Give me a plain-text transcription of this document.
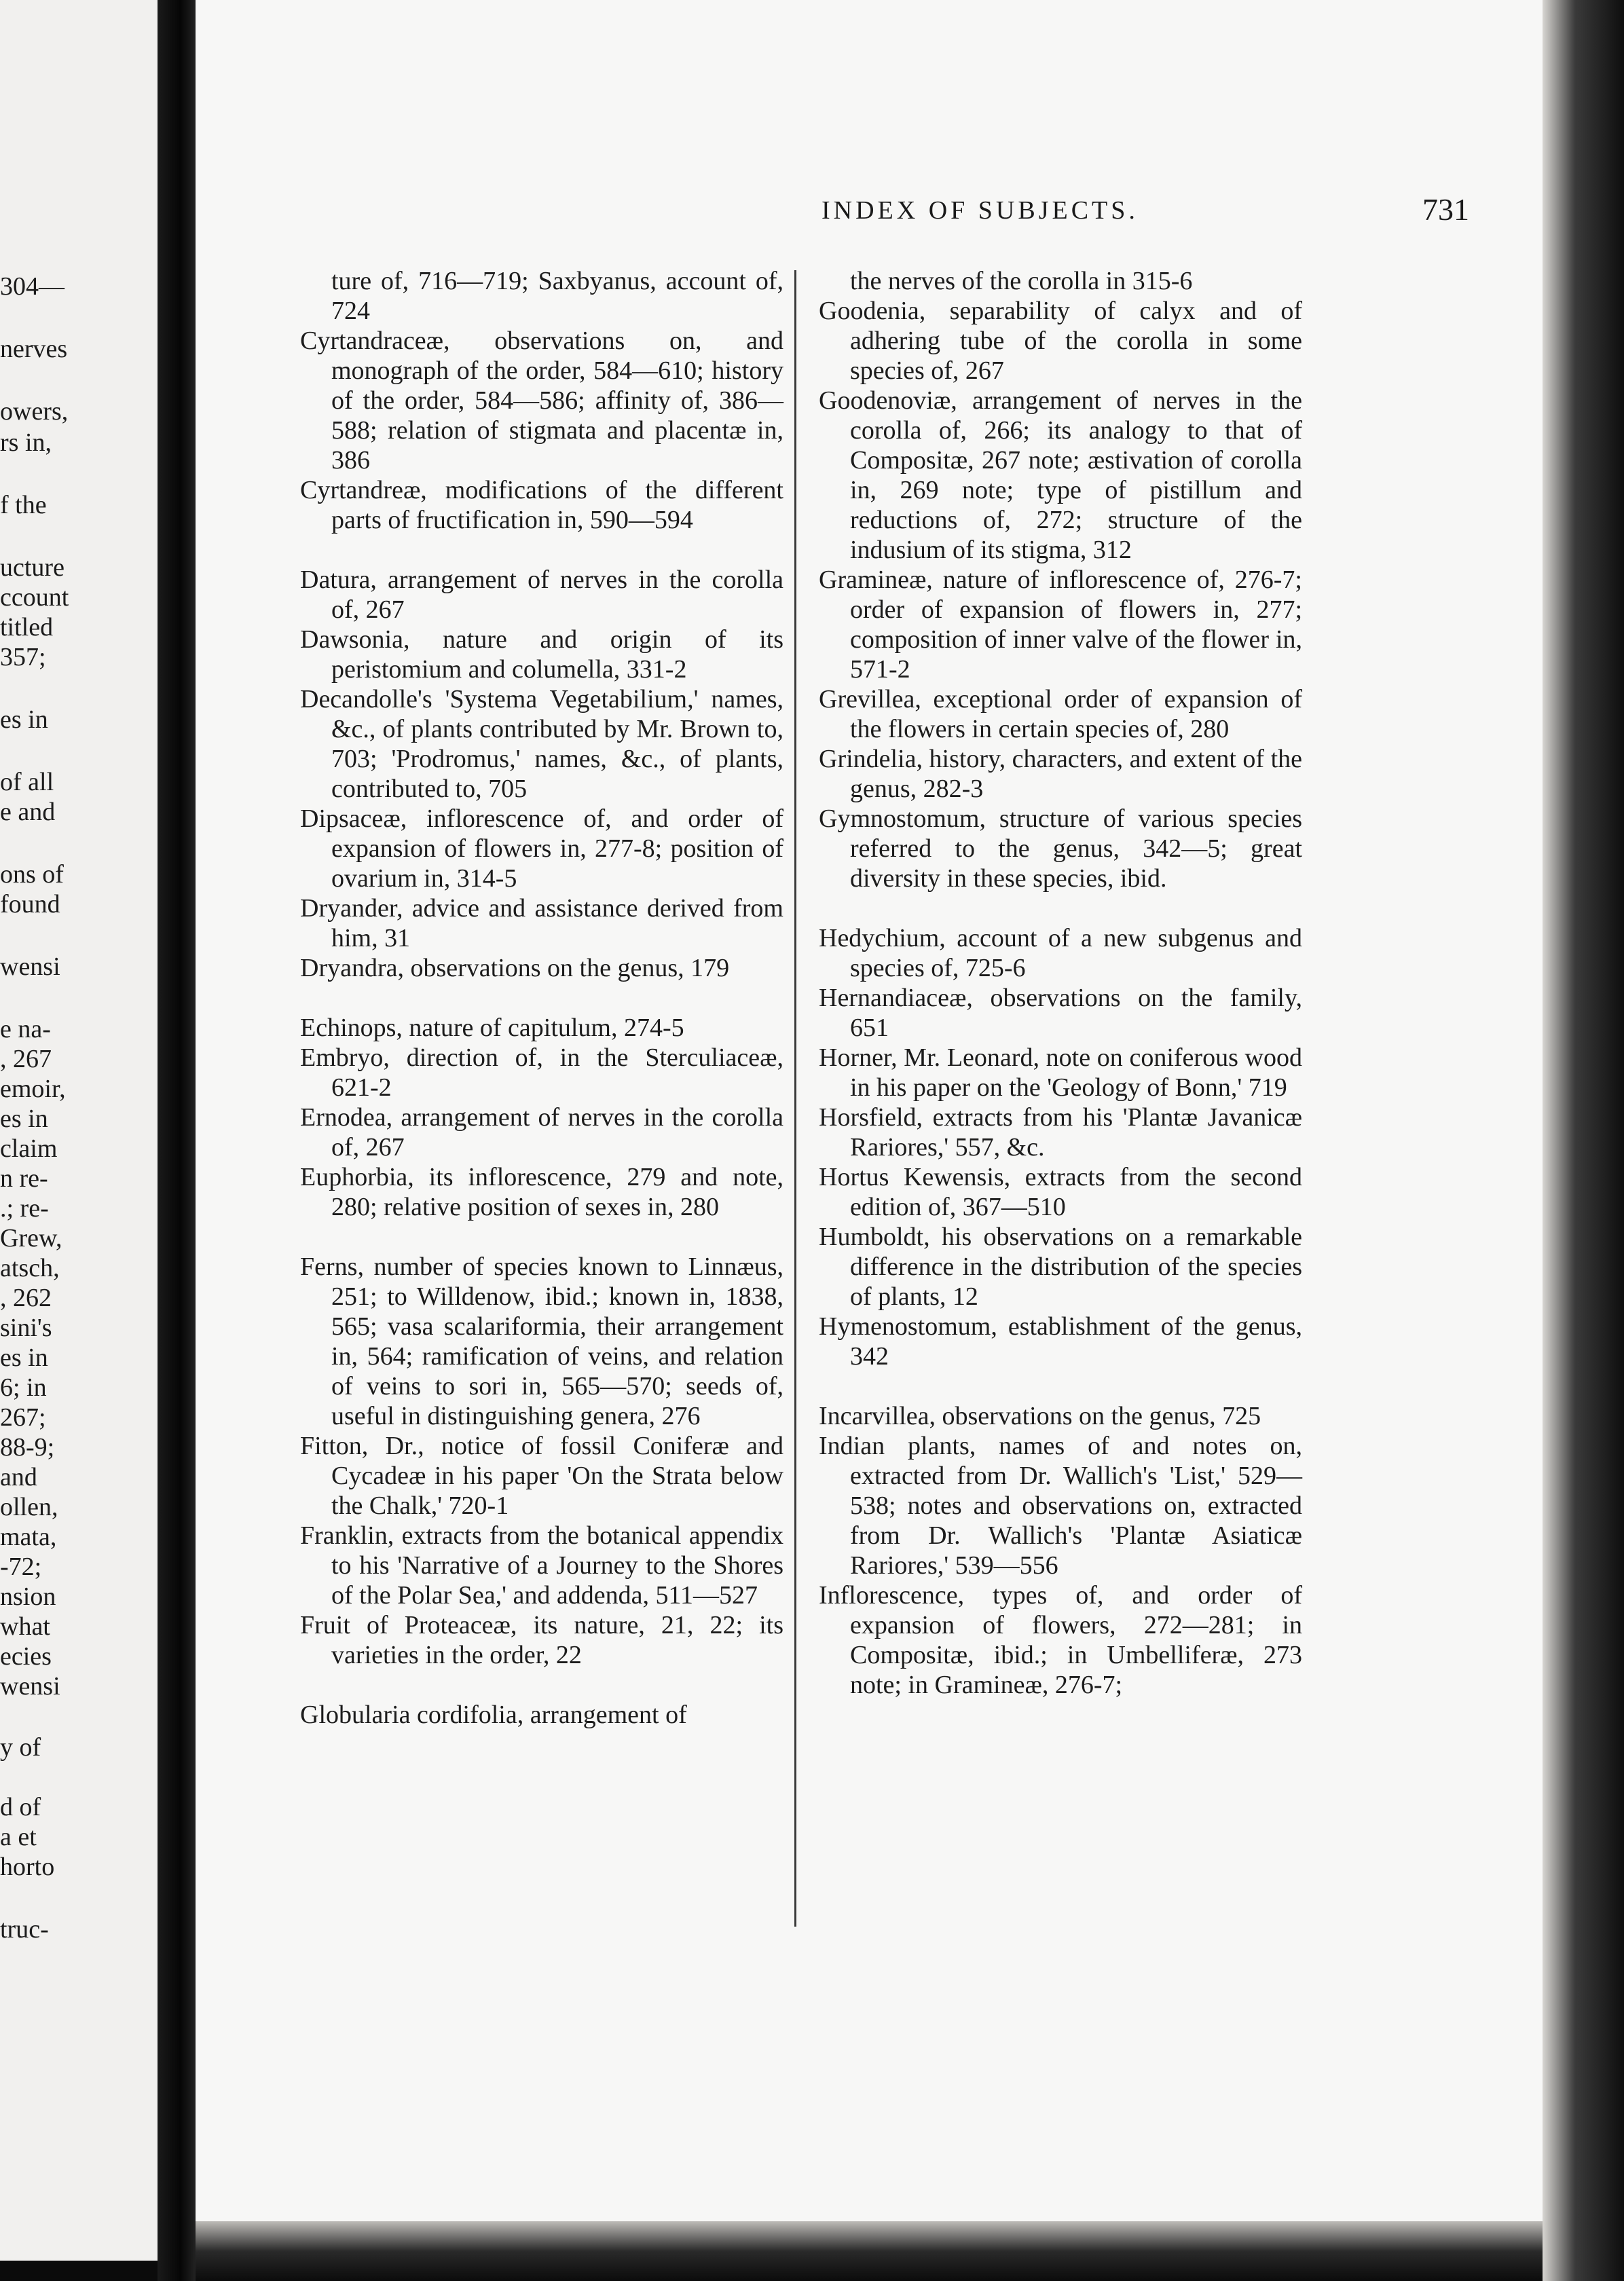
304—

nerves

owers,

rs in,

f the

ucture

ccount

titled

357;

es in

of all

e and

ons of

found

wensi

e na-

, 267

emoir,

es in

claim

n re-

.; re-

Grew,

atsch,

, 262

sini's

es in

6; in

267;

88-9;

and

ollen,

mata,

-72;

nsion

what

ecies

wensi

y of

d of

a et

horto

truc-

INDEX OF SUBJECTS.	731

ture of, 716—719; Saxbyanus, account of, 724

Cyrtandraceæ, observations on, and monograph of the order, 584—610; history of the order, 584—586; affinity of, 386—588; relation of stigmata and placentæ in, 386

Cyrtandreæ, modifications of the different parts of fructification in, 590—594

Datura, arrangement of nerves in the corolla of, 267

Dawsonia, nature and origin of its peristomium and columella, 331-2

Decandolle's 'Systema Vegetabilium,' names, &c., of plants contributed by Mr. Brown to, 703; 'Prodromus,' names, &c., of plants, contributed to, 705

Dipsaceæ, inflorescence of, and order of expansion of flowers in, 277-8; position of ovarium in, 314-5

Dryander, advice and assistance derived from him, 31

Dryandra, observations on the genus, 179

Echinops, nature of capitulum, 274-5

Embryo, direction of, in the Sterculiaceæ, 621-2

Ernodea, arrangement of nerves in the corolla of, 267

Euphorbia, its inflorescence, 279 and note, 280; relative position of sexes in, 280

Ferns, number of species known to Linnæus, 251; to Willdenow, ibid.; known in, 1838, 565; vasa scalariformia, their arrangement in, 564; ramification of veins, and relation of veins to sori in, 565—570; seeds of, useful in distinguishing genera, 276

Fitton, Dr., notice of fossil Coniferæ and Cycadeæ in his paper 'On the Strata below the Chalk,' 720-1

Franklin, extracts from the botanical appendix to his 'Narrative of a Journey to the Shores of the Polar Sea,' and addenda, 511—527

Fruit of Proteaceæ, its nature, 21, 22; its varieties in the order, 22

Globularia cordifolia, arrangement of

the nerves of the corolla in 315-6

Goodenia, separability of calyx and of adhering tube of the corolla in some species of, 267

Goodenoviæ, arrangement of nerves in the corolla of, 266; its analogy to that of Compositæ, 267 note; æstivation of corolla in, 269 note; type of pistillum and reductions of, 272; structure of the indusium of its stigma, 312

Gramineæ, nature of inflorescence of, 276-7; order of expansion of flowers in, 277; composition of inner valve of the flower in, 571-2

Grevillea, exceptional order of expansion of the flowers in certain species of, 280

Grindelia, history, characters, and extent of the genus, 282-3

Gymnostomum, structure of various species referred to the genus, 342—5; great diversity in these species, ibid.

Hedychium, account of a new subgenus and species of, 725-6

Hernandiaceæ, observations on the family, 651

Horner, Mr. Leonard, note on coniferous wood in his paper on the 'Geology of Bonn,' 719

Horsfield, extracts from his 'Plantæ Javanicæ Rariores,' 557, &c.

Hortus Kewensis, extracts from the second edition of, 367—510

Humboldt, his observations on a remarkable difference in the distribution of the species of plants, 12

Hymenostomum, establishment of the genus, 342

Incarvillea, observations on the genus, 725

Indian plants, names of and notes on, extracted from Dr. Wallich's 'List,' 529—538; notes and observations on, extracted from Dr. Wallich's 'Plantæ Asiaticæ Rariores,' 539—556

Inflorescence, types of, and order of expansion of flowers, 272—281; in Compositæ, ibid.; in Umbelliferæ, 273 note; in Gramineæ, 276-7;
